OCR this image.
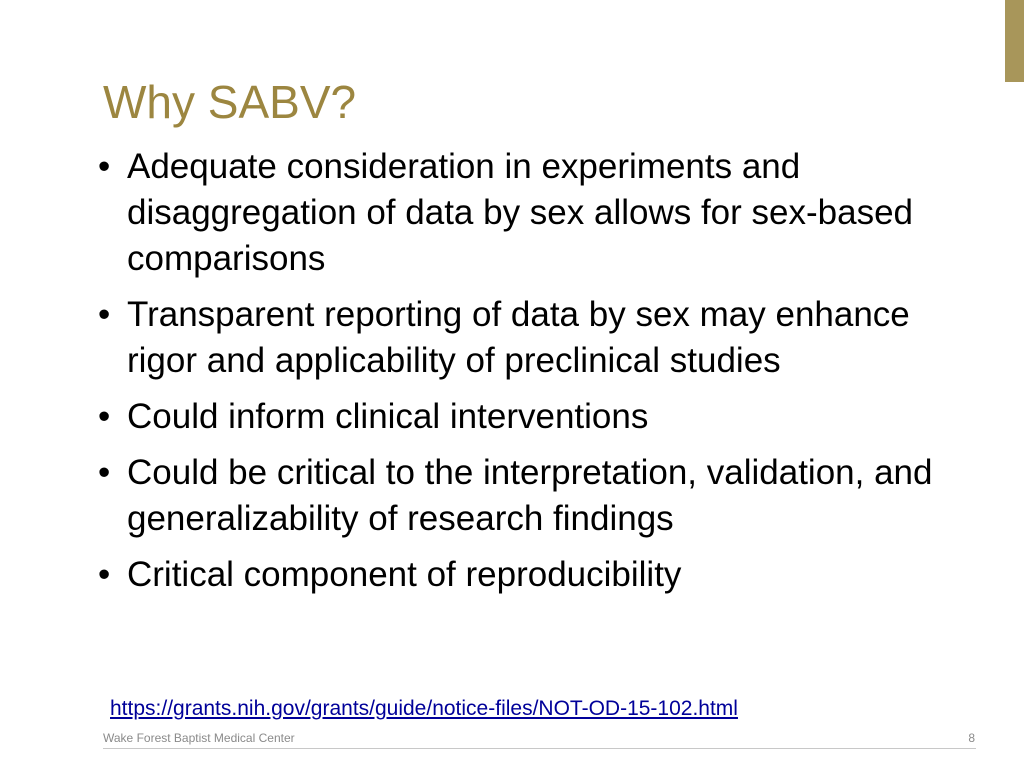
Why SABV?
• Adequate consideration in experiments and disaggregation of data by sex allows for sex-based comparisons
• Transparent reporting of data by sex may enhance rigor and applicability of preclinical studies
• Could inform clinical interventions
• Could be critical to the interpretation, validation, and generalizability of research findings
• Critical component of reproducibility
https://grants.nih.gov/grants/guide/notice-files/NOT-OD-15-102.html
Wake Forest Baptist Medical Center	8
